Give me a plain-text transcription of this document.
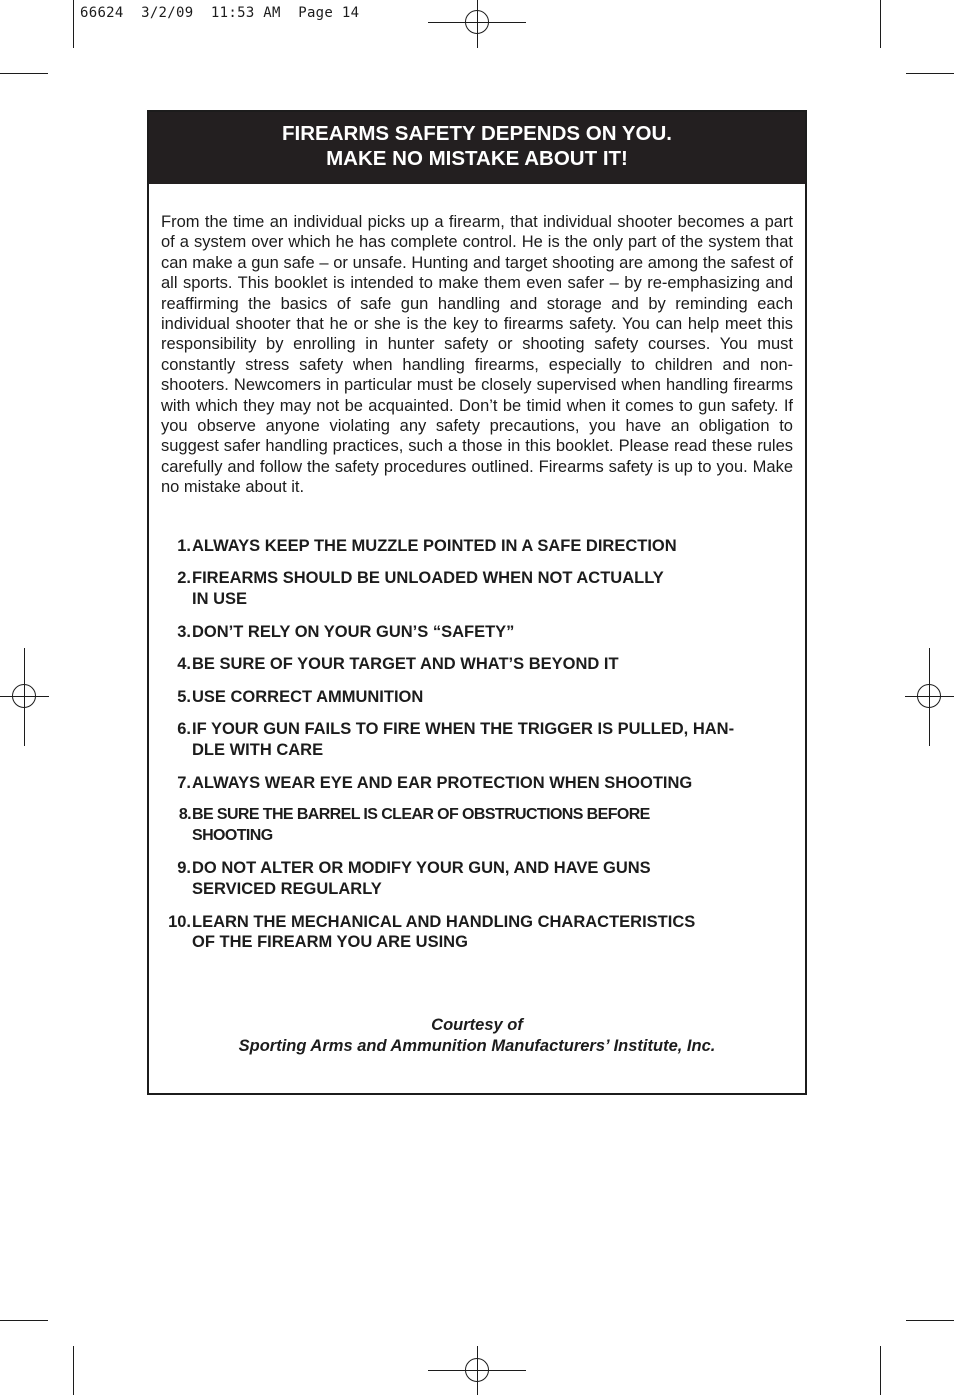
66624  3/2/09  11:53 AM  Page 14
FIREARMS SAFETY DEPENDS ON YOU.
MAKE NO MISTAKE ABOUT IT!

From the time an individual picks up a firearm, that individual shooter becomes a part of a system over which he has complete control. He is the only part of the system that can make a gun safe – or unsafe. Hunting and target shooting are among the safest of all sports. This booklet is intended to make them even safer – by re-emphasizing and reaffirming the basics of safe gun handling and storage and by reminding each individual shooter that he or she is the key to firearms safety. You can help meet this responsibility by enrolling in hunter safety or shooting safety courses. You must constantly stress safety when handling firearms, especially to children and non-shooters. Newcomers in particular must be closely supervised when handling firearms with which they may not be acquainted. Don’t be timid when it comes to gun safety. If you observe anyone violating any safety precautions, you have an obligation to suggest safer handling practices, such a those in this booklet. Please read these rules carefully and follow the safety procedures outlined. Firearms safety is up to you. Make no mistake about it.

1. ALWAYS KEEP THE MUZZLE POINTED IN A SAFE DIRECTION
2. FIREARMS SHOULD BE UNLOADED WHEN NOT ACTUALLY
IN USE
3. DON’T RELY ON YOUR GUN’S “SAFETY”
4. BE SURE OF YOUR TARGET AND WHAT’S BEYOND IT
5. USE CORRECT AMMUNITION
6. IF YOUR GUN FAILS TO FIRE WHEN THE TRIGGER IS PULLED, HAN-
DLE WITH CARE
7. ALWAYS WEAR EYE AND EAR PROTECTION WHEN SHOOTING
8. BE SURE THE BARREL IS CLEAR OF OBSTRUCTIONS BEFORE
SHOOTING
9. DO NOT ALTER OR MODIFY YOUR GUN, AND HAVE GUNS
SERVICED REGULARLY
10. LEARN THE MECHANICAL AND HANDLING CHARACTERISTICS
OF THE FIREARM YOU ARE USING
Courtesy of
Sporting Arms and Ammunition Manufacturers’ Institute, Inc.
